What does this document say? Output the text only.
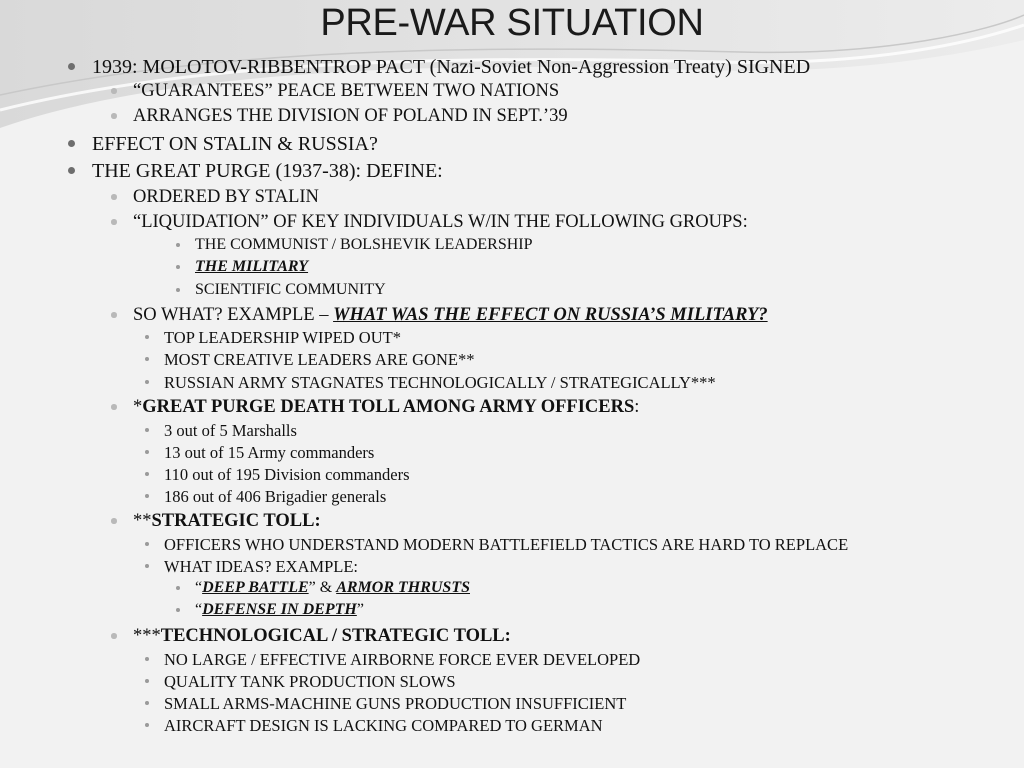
PRE-WAR SITUATION
1939: MOLOTOV-RIBBENTROP PACT (Nazi-Soviet Non-Aggression Treaty) SIGNED
“GUARANTEES” PEACE BETWEEN TWO NATIONS
ARRANGES THE DIVISION OF POLAND IN SEPT.’39
EFFECT ON STALIN & RUSSIA?
THE GREAT PURGE (1937-38): DEFINE:
ORDERED BY STALIN
“LIQUIDATION” OF KEY INDIVIDUALS W/IN THE FOLLOWING GROUPS:
THE COMMUNIST / BOLSHEVIK LEADERSHIP
THE MILITARY
SCIENTIFIC COMMUNITY
SO WHAT? EXAMPLE – WHAT WAS THE EFFECT ON RUSSIA’S MILITARY?
TOP LEADERSHIP WIPED OUT*
MOST CREATIVE LEADERS ARE GONE**
RUSSIAN ARMY STAGNATES TECHNOLOGICALLY / STRATEGICALLY***
*GREAT PURGE DEATH TOLL AMONG ARMY OFFICERS:
3 out of 5 Marshalls
13 out of 15 Army commanders
110 out of 195 Division commanders
186 out of 406 Brigadier generals
**STRATEGIC TOLL:
OFFICERS WHO UNDERSTAND MODERN BATTLEFIELD TACTICS ARE HARD TO REPLACE
WHAT IDEAS? EXAMPLE:
“DEEP BATTLE” & ARMOR THRUSTS
“DEFENSE IN DEPTH”
***TECHNOLOGICAL / STRATEGIC TOLL:
NO LARGE / EFFECTIVE AIRBORNE FORCE EVER DEVELOPED
QUALITY TANK PRODUCTION SLOWS
SMALL ARMS-MACHINE GUNS PRODUCTION INSUFFICIENT
AIRCRAFT DESIGN IS LACKING COMPARED TO GERMAN
